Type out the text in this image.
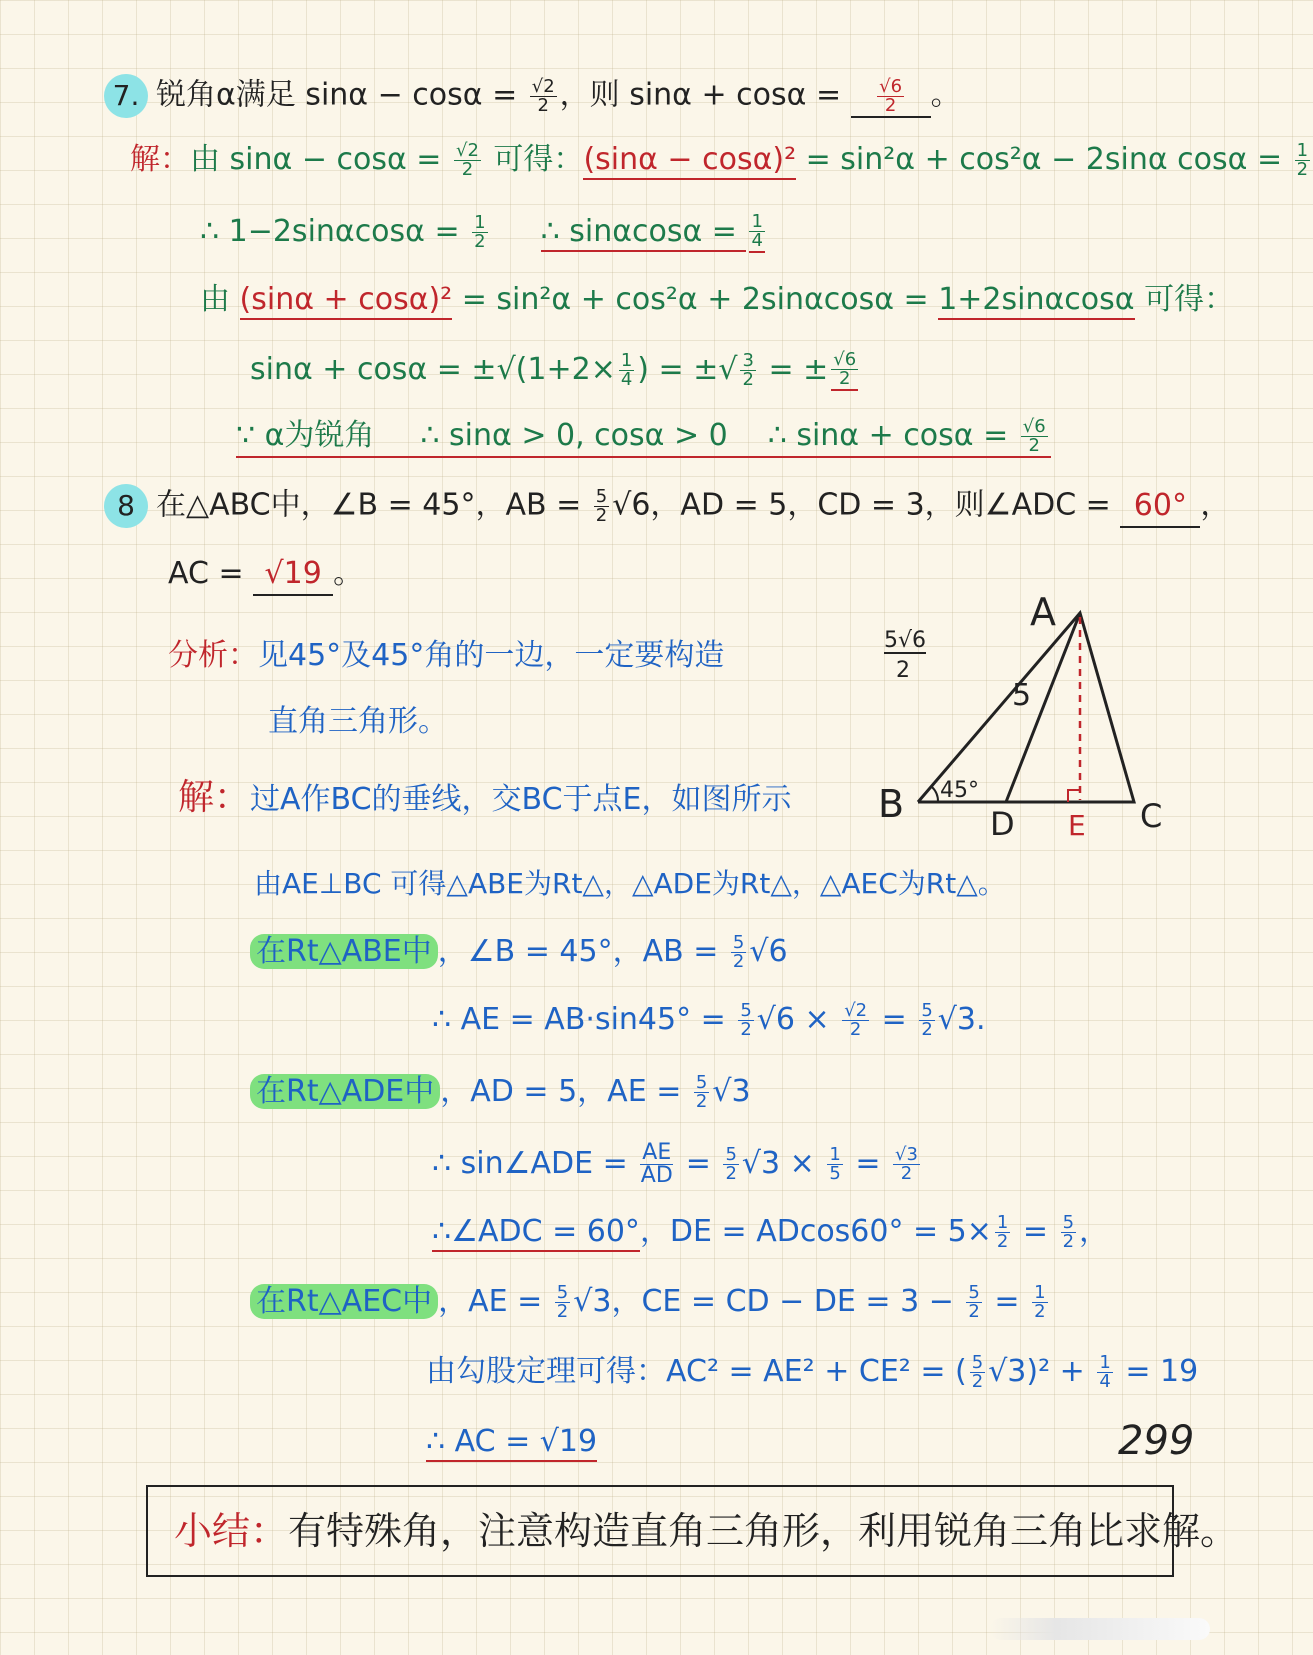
7. 锐角α满足 $\sin\alpha - \cos\alpha = \frac{√2}{2}$ ，则 $\sin\alpha + \cos\alpha = \frac{√6}{2}$ 。
解：由 $\sin\alpha - \cos\alpha = \frac{√2}{2}$ 可得：(sinα − cosα)² = sin²α + cos²α − 2sinα $\cos\alpha = \frac{1}{2}$
∴ $1-2\sin\alpha\cos\alpha = \frac{1}{2}$ ∴ $\sin\alpha\cos\alpha = \frac{1}{4}$
由 (sinα + cosα)² = sin²α + cos²α + 2sinαcosα = 1+2sinαcosα 可得：
$\sin\alpha + \cos\alpha = \pm√(1+2\times \frac{1}{4}$ ) = ±√ $\frac{3}{2}$ = ± $\frac{√6}{2}$
∵ α为锐角 ∴ sinα > 0, cosα > 0 ∴ $\sin\alpha + \cos\alpha = \frac{√6}{2}$
8 在△ABC中，∠B = 45°，AB = $\frac{5}{2} √6$，AD = 5，CD = 3，则∠ADC = 60° ，
AC = √19 。
分析：见45°及45°角的一边，一定要构造
直角三角形。
解：过A作BC的垂线，交BC于点E，如图所示
由AE⊥BC 可得△ABE为Rt△，△ADE为Rt△，△AEC为Rt△。
在Rt△ABE中 ，∠B = 45°，AB = $\frac{5}{2} √6$
∴ AE = $AB\cdot\sin 45^\circ = \frac{5}{2} √6 \times \frac{√2}{2} = \frac{5}{2} √3$.
在Rt△ADE中 ，AD = 5，AE = $\frac{5}{2} √3$
∴ sin∠ADE = $\frac{AE}{AD} = \frac{5}{2} √3 \times \frac{1}{5} = \frac{√3}{2}$
∴∠ADC = 60°，DE = $ADcos60^\circ = 5\times \frac{1}{2} = \frac{5}{2}$ ，
在Rt△AEC中 ，AE = $\frac{5}{2} √3$，CE = CD − DE = $3 - \frac{5}{2} = \frac{1}{2}$
由勾股定理可得：AC² = AE² + CE² = ( $\frac{5}{2} √3)^2 + \frac{1}{4} = 19$
∴ AC = √19
A
B	C
D E
45°
5
5√6
2
299
小结：有特殊角，注意构造直角三角形，利用锐角三角比求解。
